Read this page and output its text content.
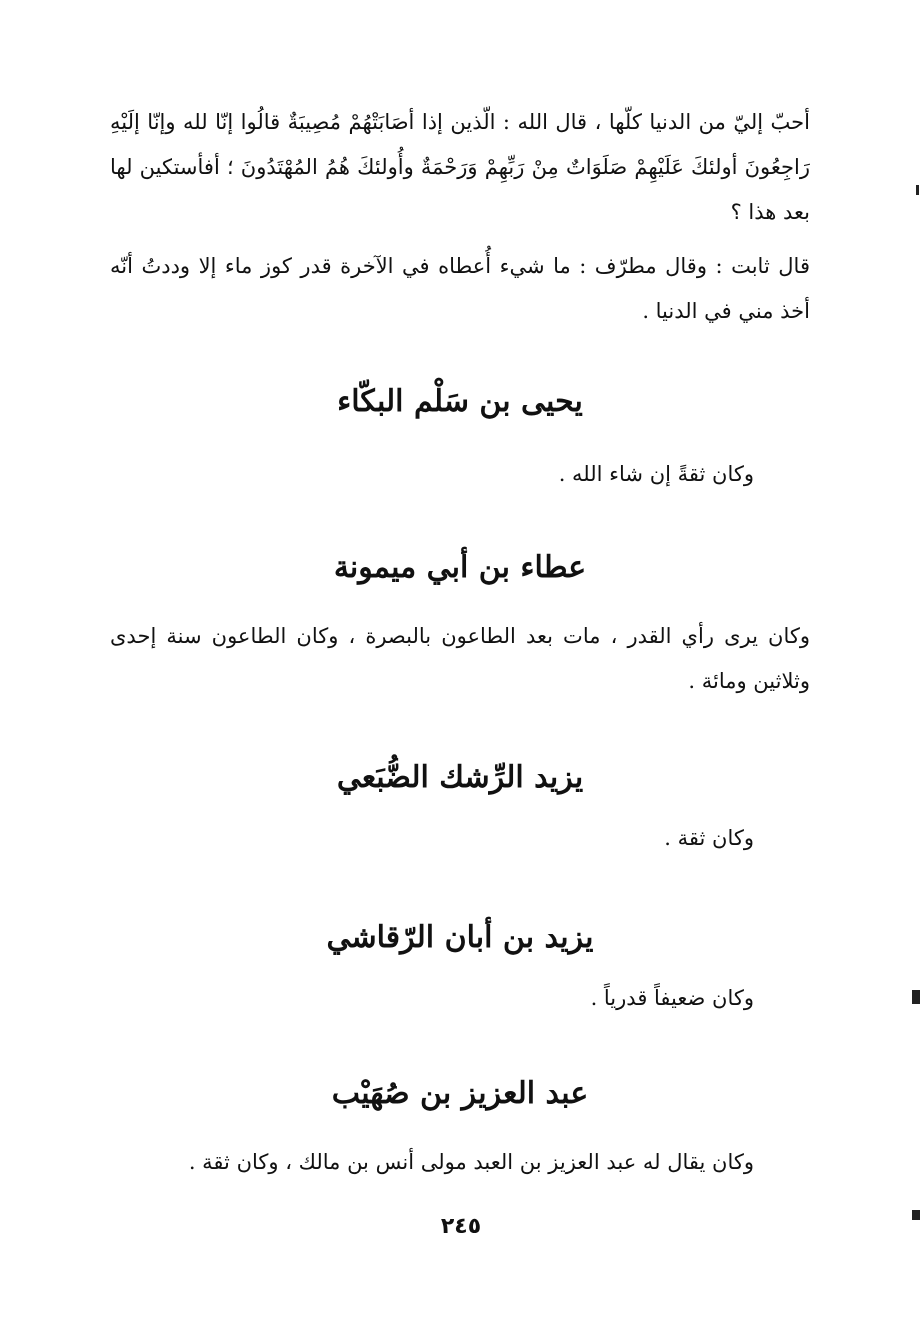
أحبّ إليّ من الدنيا كلّها ، قال الله : الّذين إذا أصَابَتْهُمْ مُصِيبَةٌ قالُوا إنّا لله وإنّا إلَيْهِ رَاجِعُونَ أولئكَ عَلَيْهِمْ صَلَوَاتٌ مِنْ رَبِّهِمْ وَرَحْمَةٌ وأُولئكَ هُمُ المُهْتَدُونَ ؛ أفأستكين لها بعد هذا ؟

قال ثابت : وقال مطرّف : ما شيء أُعطاه في الآخرة قدر كوز ماء إلا وددتُ أنّه أخذ مني في الدنيا .

يحيى بن سَلْم البكّاء

وكان ثقةً إن شاء الله .

عطاء بن أبي ميمونة

وكان يرى رأي القدر ، مات بعد الطاعون بالبصرة ، وكان الطاعون سنة إحدى وثلاثين ومائة .

يزيد الرِّشك الضُّبَعي

وكان ثقة .

يزيد بن أبان الرّقاشي

وكان ضعيفاً قدرياً .

عبد العزيز بن صُهَيْب

وكان يقال له عبد العزيز بن العبد مولى أنس بن مالك ، وكان ثقة .

٢٤٥
